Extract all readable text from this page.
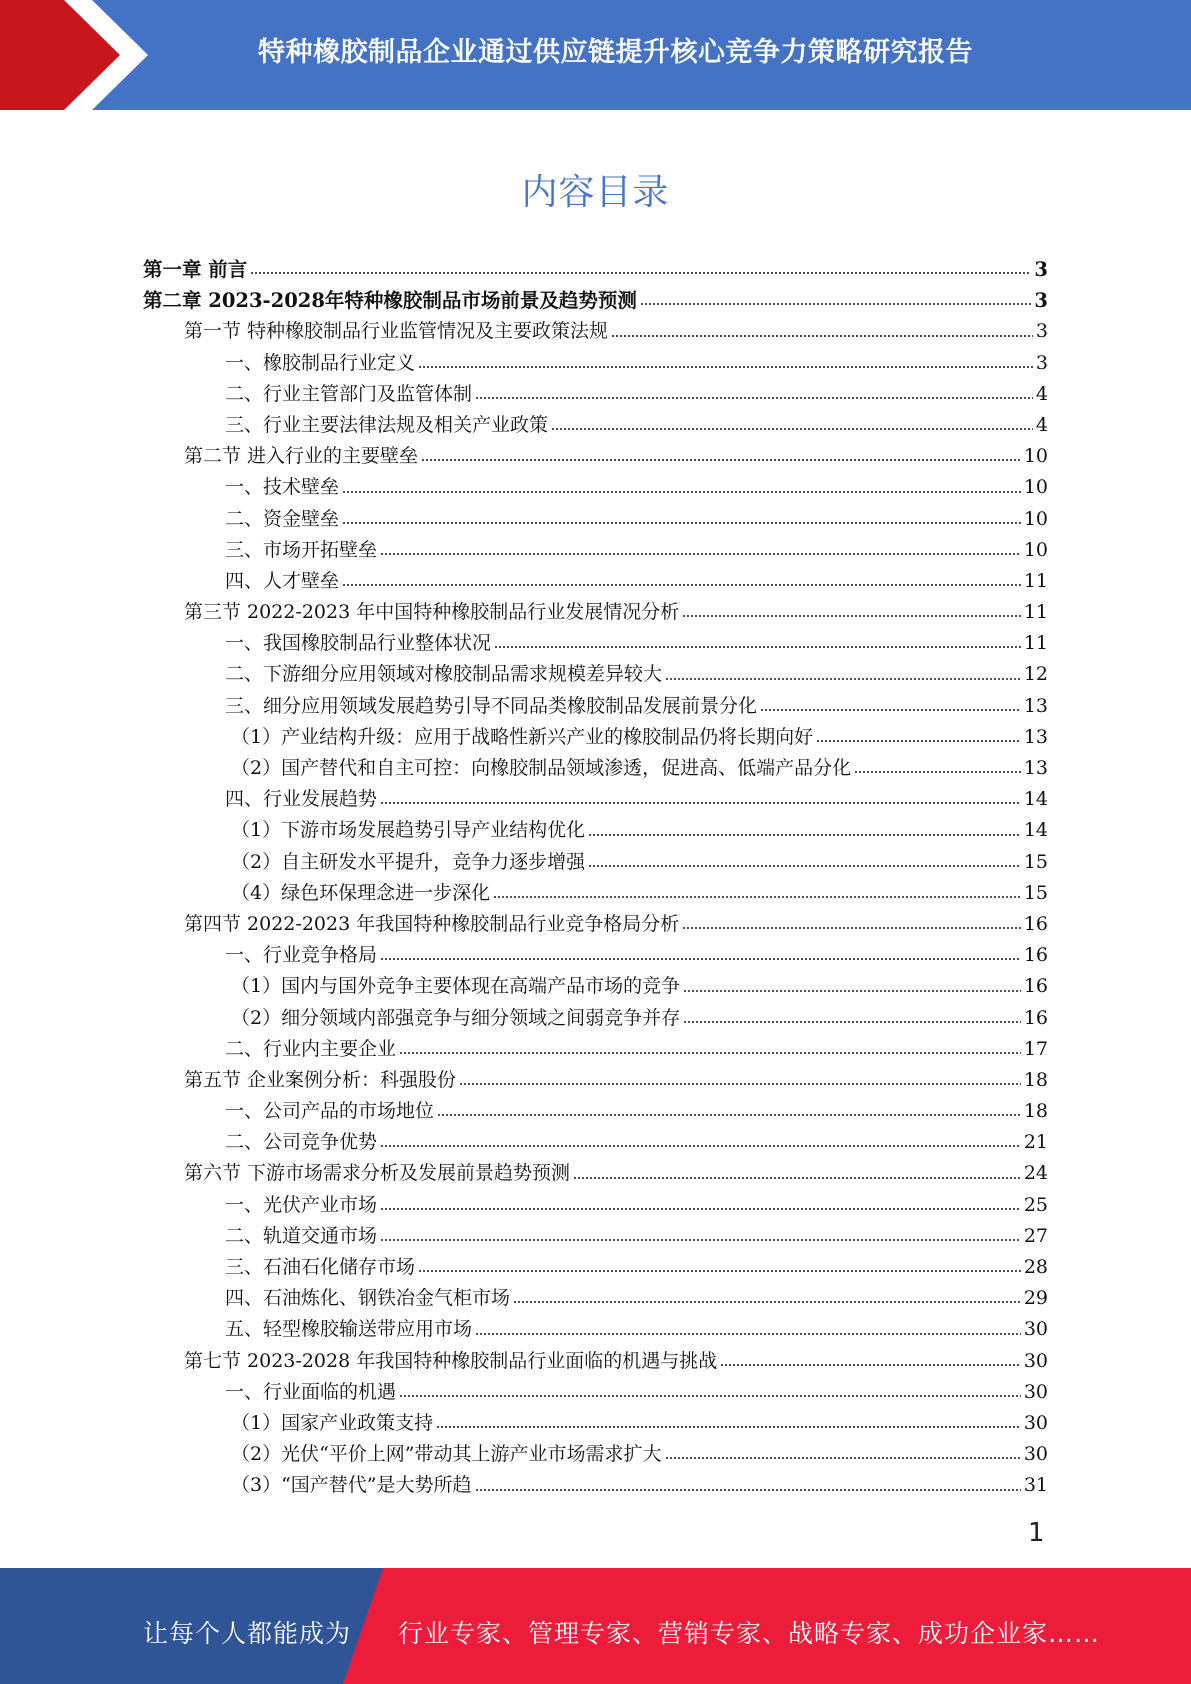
特种橡胶制品企业通过供应链提升核心竞争力策略研究报告
内容目录
第一章 前言	3
第二章 2023-2028年特种橡胶制品市场前景及趋势预测	3
第一节 特种橡胶制品行业监管情况及主要政策法规	3
一、橡胶制品行业定义	3
二、行业主管部门及监管体制	4
三、行业主要法律法规及相关产业政策	4
第二节 进入行业的主要壁垒	10
一、技术壁垒	10
二、资金壁垒	10
三、市场开拓壁垒	10
四、人才壁垒	11
第三节 2022-2023 年中国特种橡胶制品行业发展情况分析	11
一、我国橡胶制品行业整体状况	11
二、下游细分应用领域对橡胶制品需求规模差异较大	12
三、细分应用领域发展趋势引导不同品类橡胶制品发展前景分化	13
（1）产业结构升级：应用于战略性新兴产业的橡胶制品仍将长期向好	13
（2）国产替代和自主可控：向橡胶制品领域渗透，促进高、低端产品分化	13
四、行业发展趋势	14
（1）下游市场发展趋势引导产业结构优化	14
（2）自主研发水平提升，竞争力逐步增强	15
（4）绿色环保理念进一步深化	15
第四节 2022-2023 年我国特种橡胶制品行业竞争格局分析	16
一、行业竞争格局	16
（1）国内与国外竞争主要体现在高端产品市场的竞争	16
（2）细分领域内部强竞争与细分领域之间弱竞争并存	16
二、行业内主要企业	17
第五节 企业案例分析：科强股份	18
一、公司产品的市场地位	18
二、公司竞争优势	21
第六节 下游市场需求分析及发展前景趋势预测	24
一、光伏产业市场	25
二、轨道交通市场	27
三、石油石化储存市场	28
四、石油炼化、钢铁冶金气柜市场	29
五、轻型橡胶输送带应用市场	30
第七节 2023-2028 年我国特种橡胶制品行业面临的机遇与挑战	30
一、行业面临的机遇	30
（1）国家产业政策支持	30
（2）光伏“平价上网”带动其上游产业市场需求扩大	30
（3）“国产替代”是大势所趋	31
1
让每个人都能成为 行业专家、管理专家、营销专家、战略专家、成功企业家……
